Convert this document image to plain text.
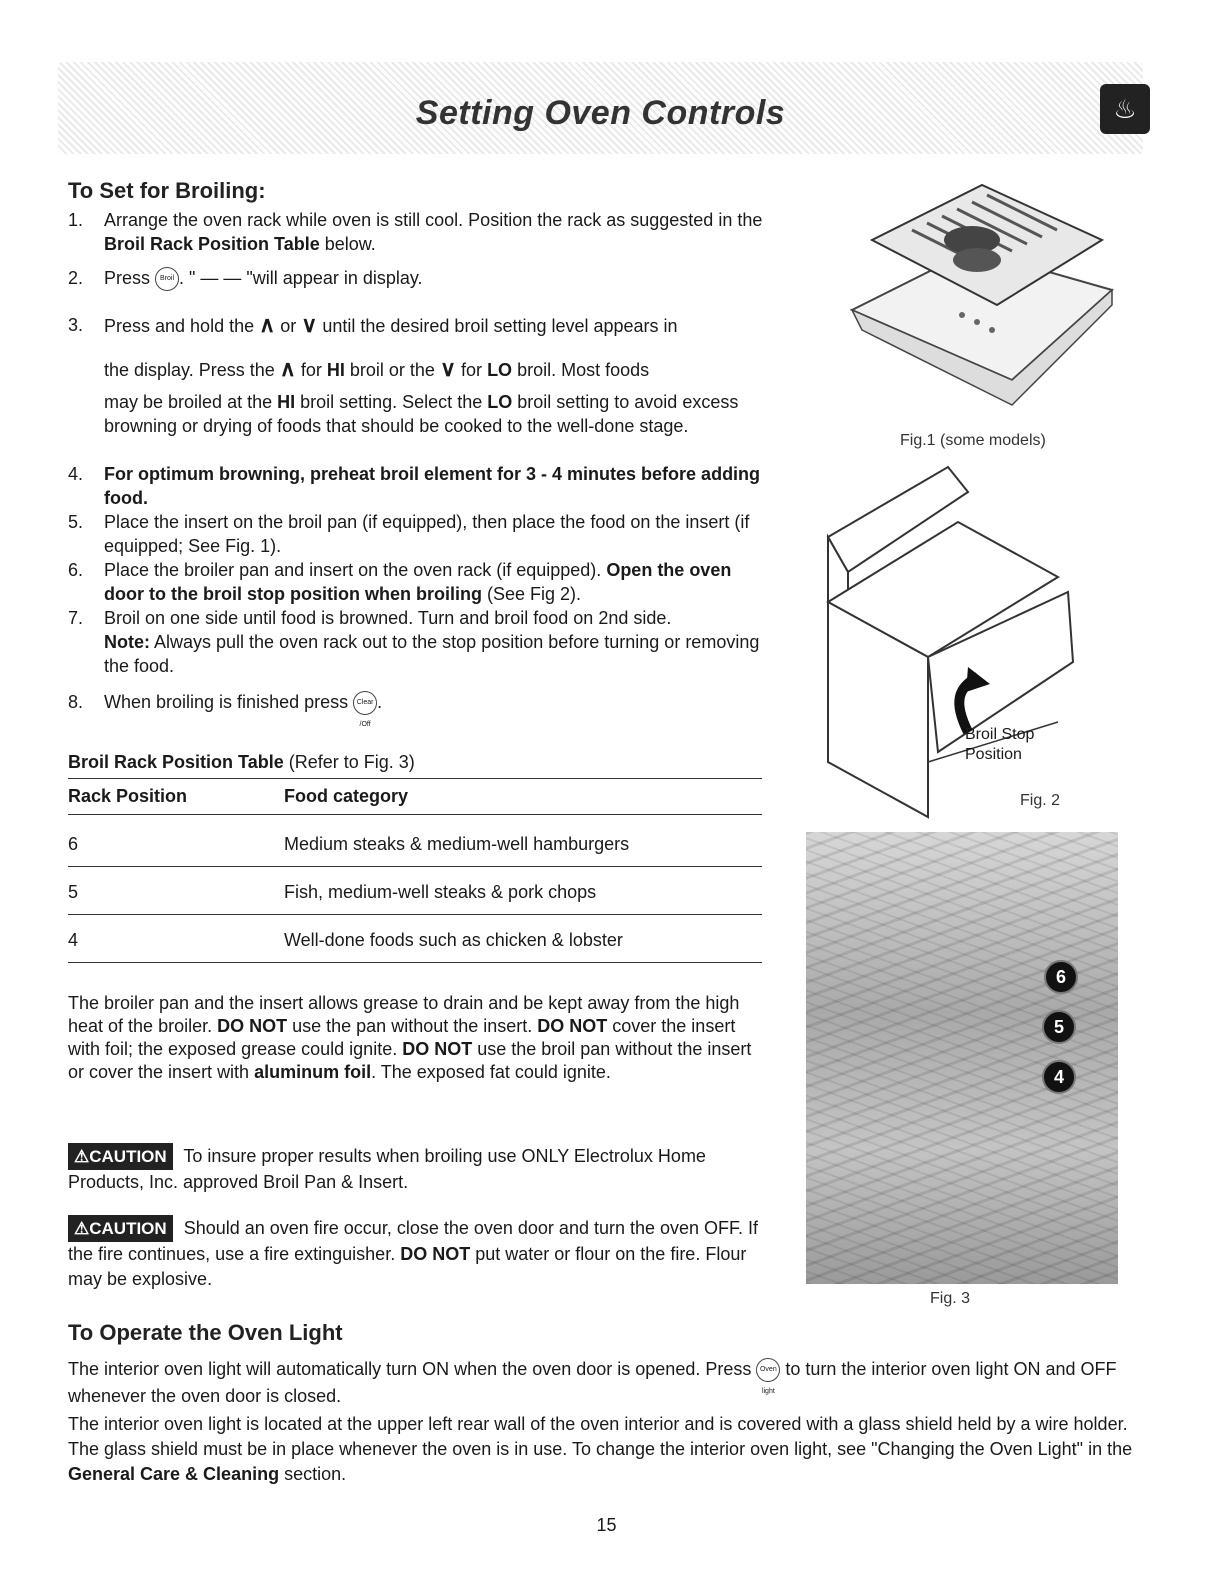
Setting Oven Controls	♨
To Set for Broiling:
1. Arrange the oven rack while oven is still cool. Position the rack as suggested in the Broil Rack Position Table below.

2. Press Broil . " — — "will appear in display.

3. Press and hold the ∧ or ∨ until the desired broil setting level appears in

the display. Press the ∧ for HI broil or the ∨ for LO broil. Most foods

may be broiled at the HI broil setting. Select the LO broil setting to avoid excess browning or drying of foods that should be cooked to the well-done stage.

4. For optimum browning, preheat broil element for 3 - 4 minutes before adding food.

5. Place the insert on the broil pan (if equipped), then place the food on the insert (if equipped; See Fig. 1).

6. Place the broiler pan and insert on the oven rack (if equipped). Open the oven door to the broil stop position when broiling (See Fig 2).

7. Broil on one side until food is browned. Turn and broil food on 2nd side.
Note: Always pull the oven rack out to the stop position before turning or removing the food.

8. When broiling is finished press Clear /Off.

Broil Rack Position Table (Refer to Fig. 3)
Rack Position	Food category
6	Medium steaks & medium-well hamburgers
5	Fish, medium-well steaks & pork chops
4	Well-done foods such as chicken & lobster

The broiler pan and the insert allows grease to drain and be kept away from the high heat of the broiler. DO NOT use the pan without the insert. DO NOT cover the insert with foil; the exposed grease could ignite. DO NOT use the broil pan without the insert or cover the insert with aluminum foil. The exposed fat could ignite.

⚠CAUTION To insure proper results when broiling use ONLY Electrolux Home Products, Inc. approved Broil Pan & Insert.

⚠CAUTION Should an oven fire occur, close the oven door and turn the oven OFF. If the fire continues, use a fire extinguisher. DO NOT put water or flour on the fire. Flour may be explosive.

Fig.1 (some models)
Broil Stop
Position
Fig. 2
6
5
4
Fig. 3
To Operate the Oven Light

The interior oven light will automatically turn ON when the oven door is opened. Press Oven light to turn the interior oven light ON and OFF whenever the oven door is closed.

The interior oven light is located at the upper left rear wall of the oven interior and is covered with a glass shield held by a wire holder. The glass shield must be in place whenever the oven is in use. To change the interior oven light, see "Changing the Oven Light" in the General Care & Cleaning section.

15
